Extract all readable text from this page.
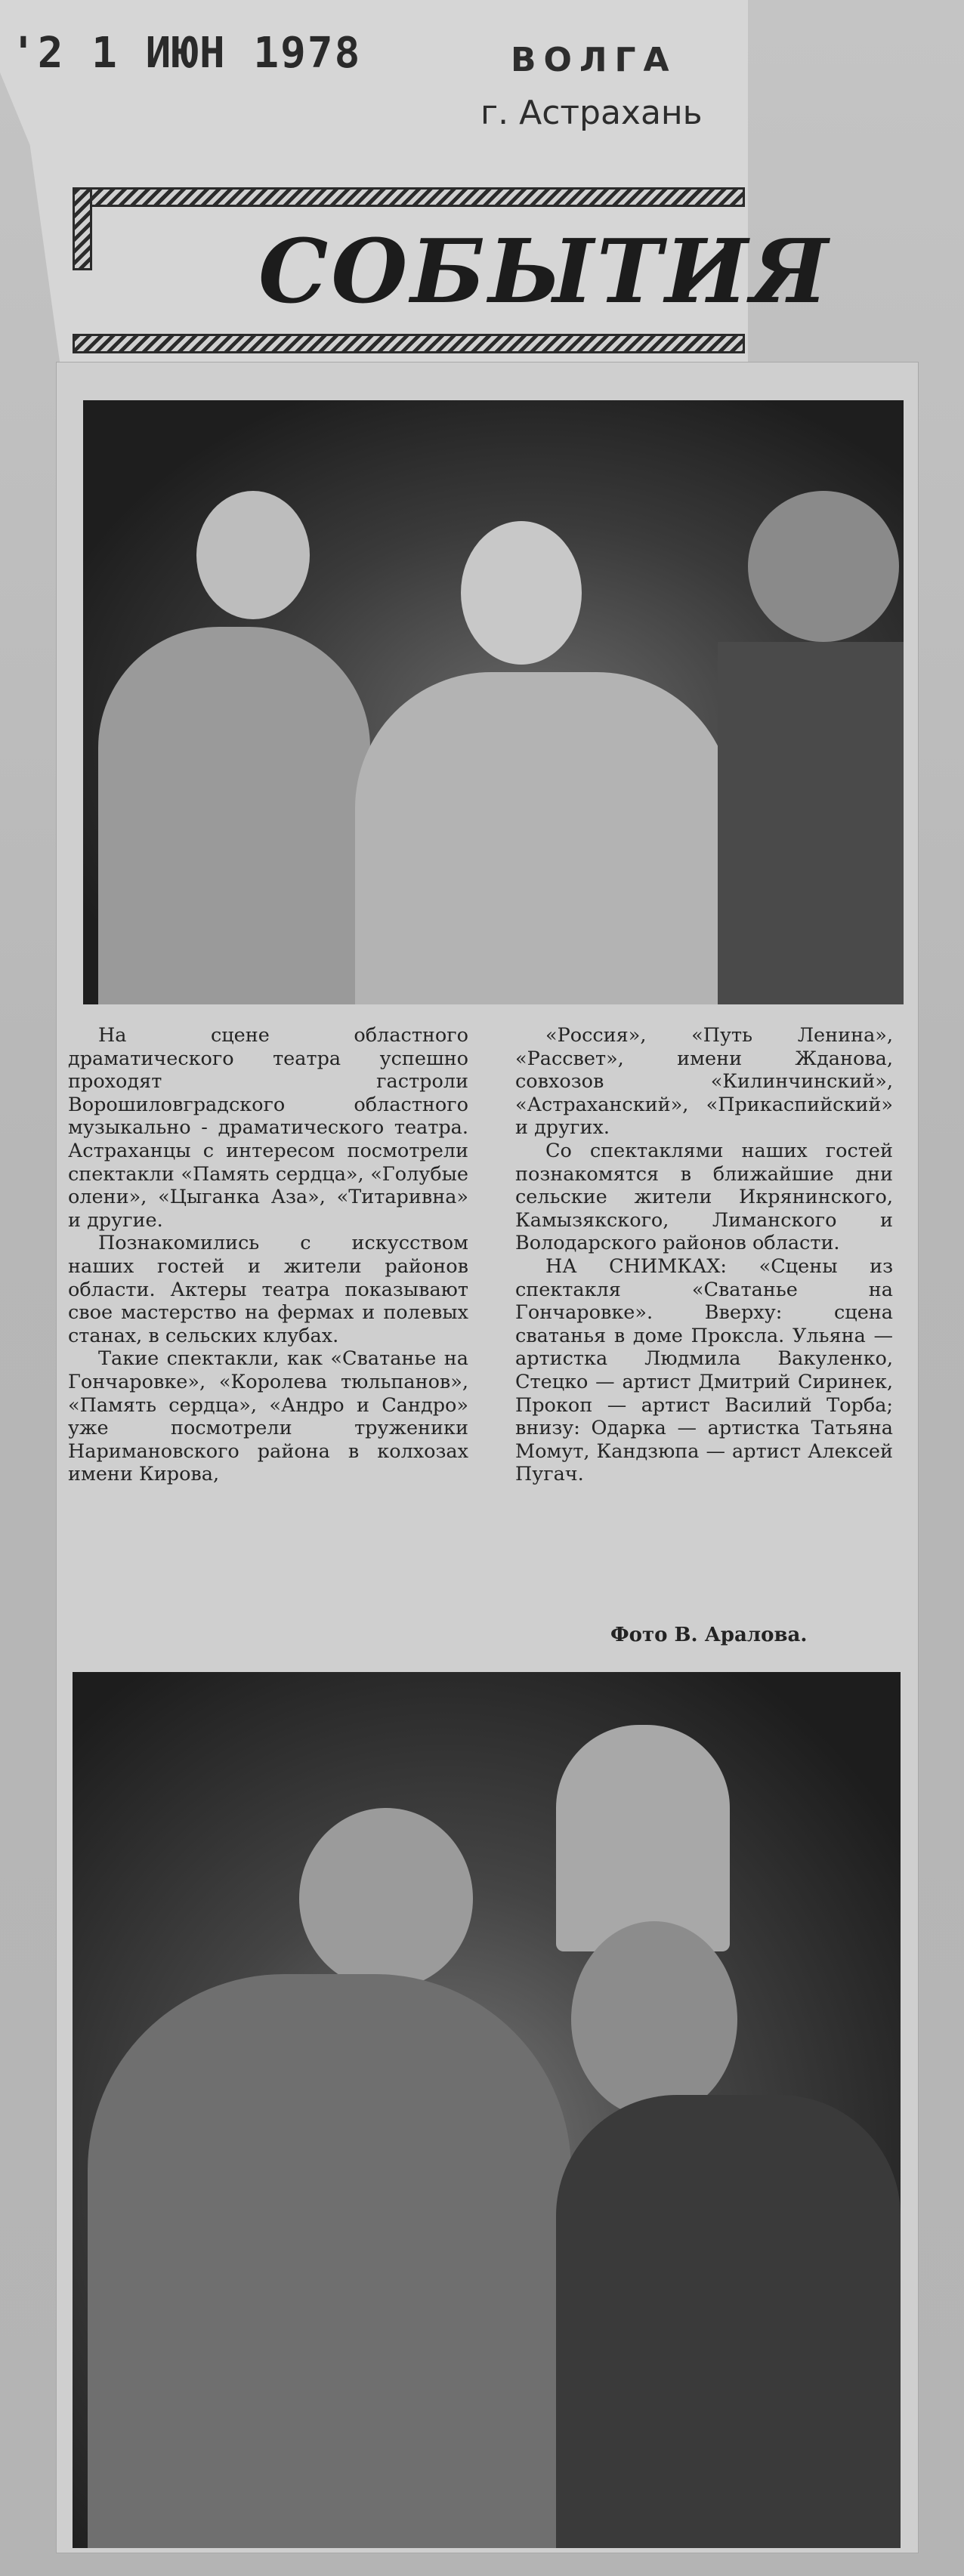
'2 1 ИЮН 1978	ВОЛГА
г. Астрахань
СОБЫТИЯ

На сцене областного драматического театра успешно проходят гастроли Ворошиловградского областного музыкально - драматического театра. Астраханцы с интересом посмотрели спектакли «Память сердца», «Голубые олени», «Цыганка Аза», «Титаривна» и другие.

Познакомились с искусством наших гостей и жители районов области. Актеры театра показывают свое мастерство на фермах и полевых станах, в сельских клубах.

Такие спектакли, как «Сватанье на Гончаровке», «Королева тюльпанов», «Память сердца», «Андро и Сандро» уже посмотрели труженики Наримановского района в колхозах имени Кирова,

«Россия», «Путь Ленина», «Рассвет», имени Жданова, совхозов «Килинчинский», «Астраханский», «Прикаспийский» и других.

Со спектаклями наших гостей познакомятся в ближайшие дни сельские жители Икрянинского, Камызякского, Лиманского и Володарского районов области.

НА СНИМКАХ: «Сцены из спектакля «Сватанье на Гончаровке». Вверху: сцена сватанья в доме Проксла. Ульяна — артистка Людмила Вакуленко, Стецко — артист Дмитрий Сиринек, Прокоп — артист Василий Торба; внизу: Одарка — артистка Татьяна Момут, Кандзюпа — артист Алексей Пугач.

Фото В. Аралова.
